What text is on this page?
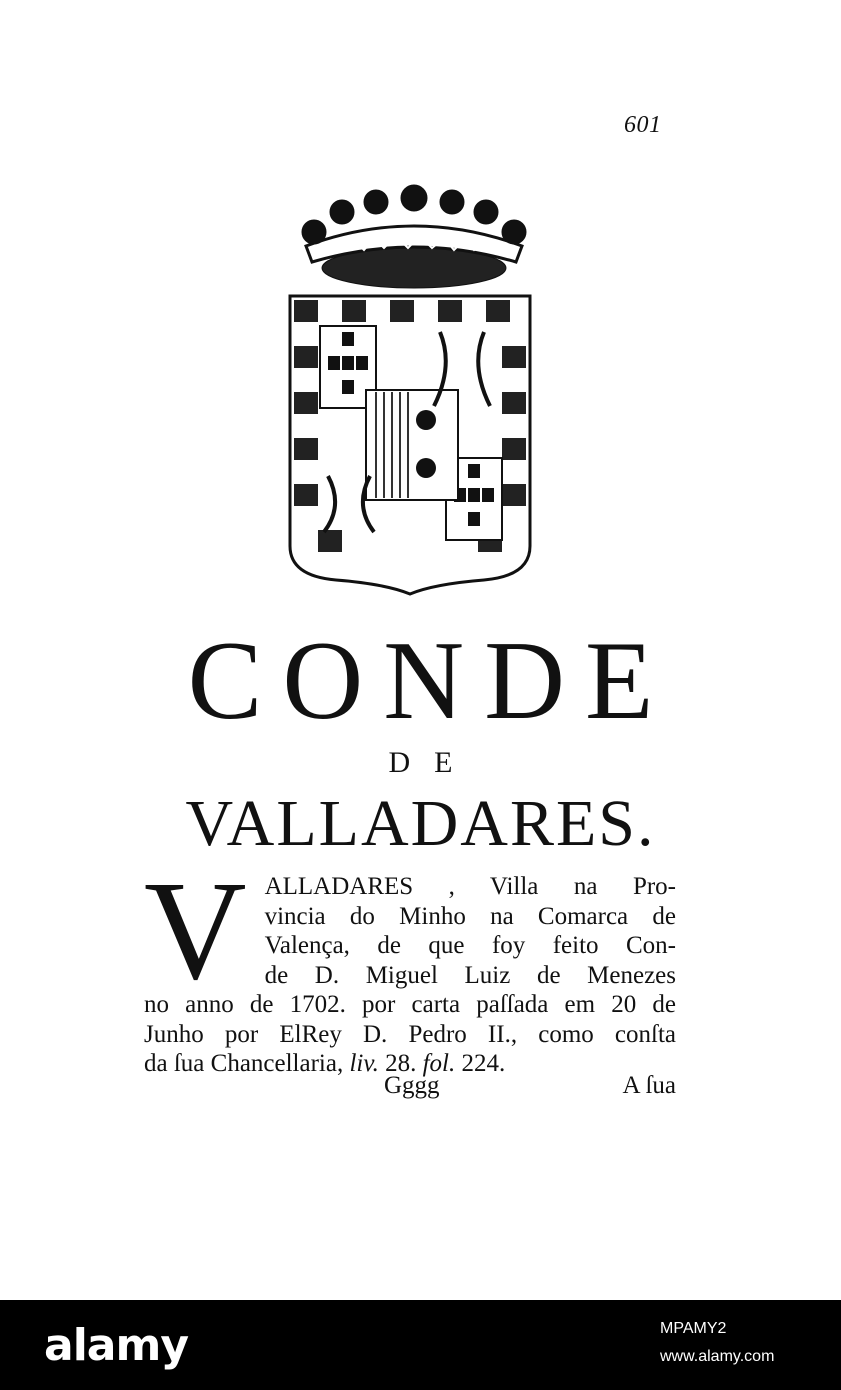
601
CONDE
DE
VALLADARES.
V ALLADARES , Villa na Pro-
vincia do Minho na Comarca de
Valença, de que foy feito Con-
de D. Miguel Luiz de Menezes
no anno de 1702. por carta paſſada em 20 de
Junho por ElRey D. Pedro II., como conſta
da ſua Chancellaria, liv. 28. fol. 224.
Gggg	A ſua
alamy	MPAMY2
www.alamy.com
